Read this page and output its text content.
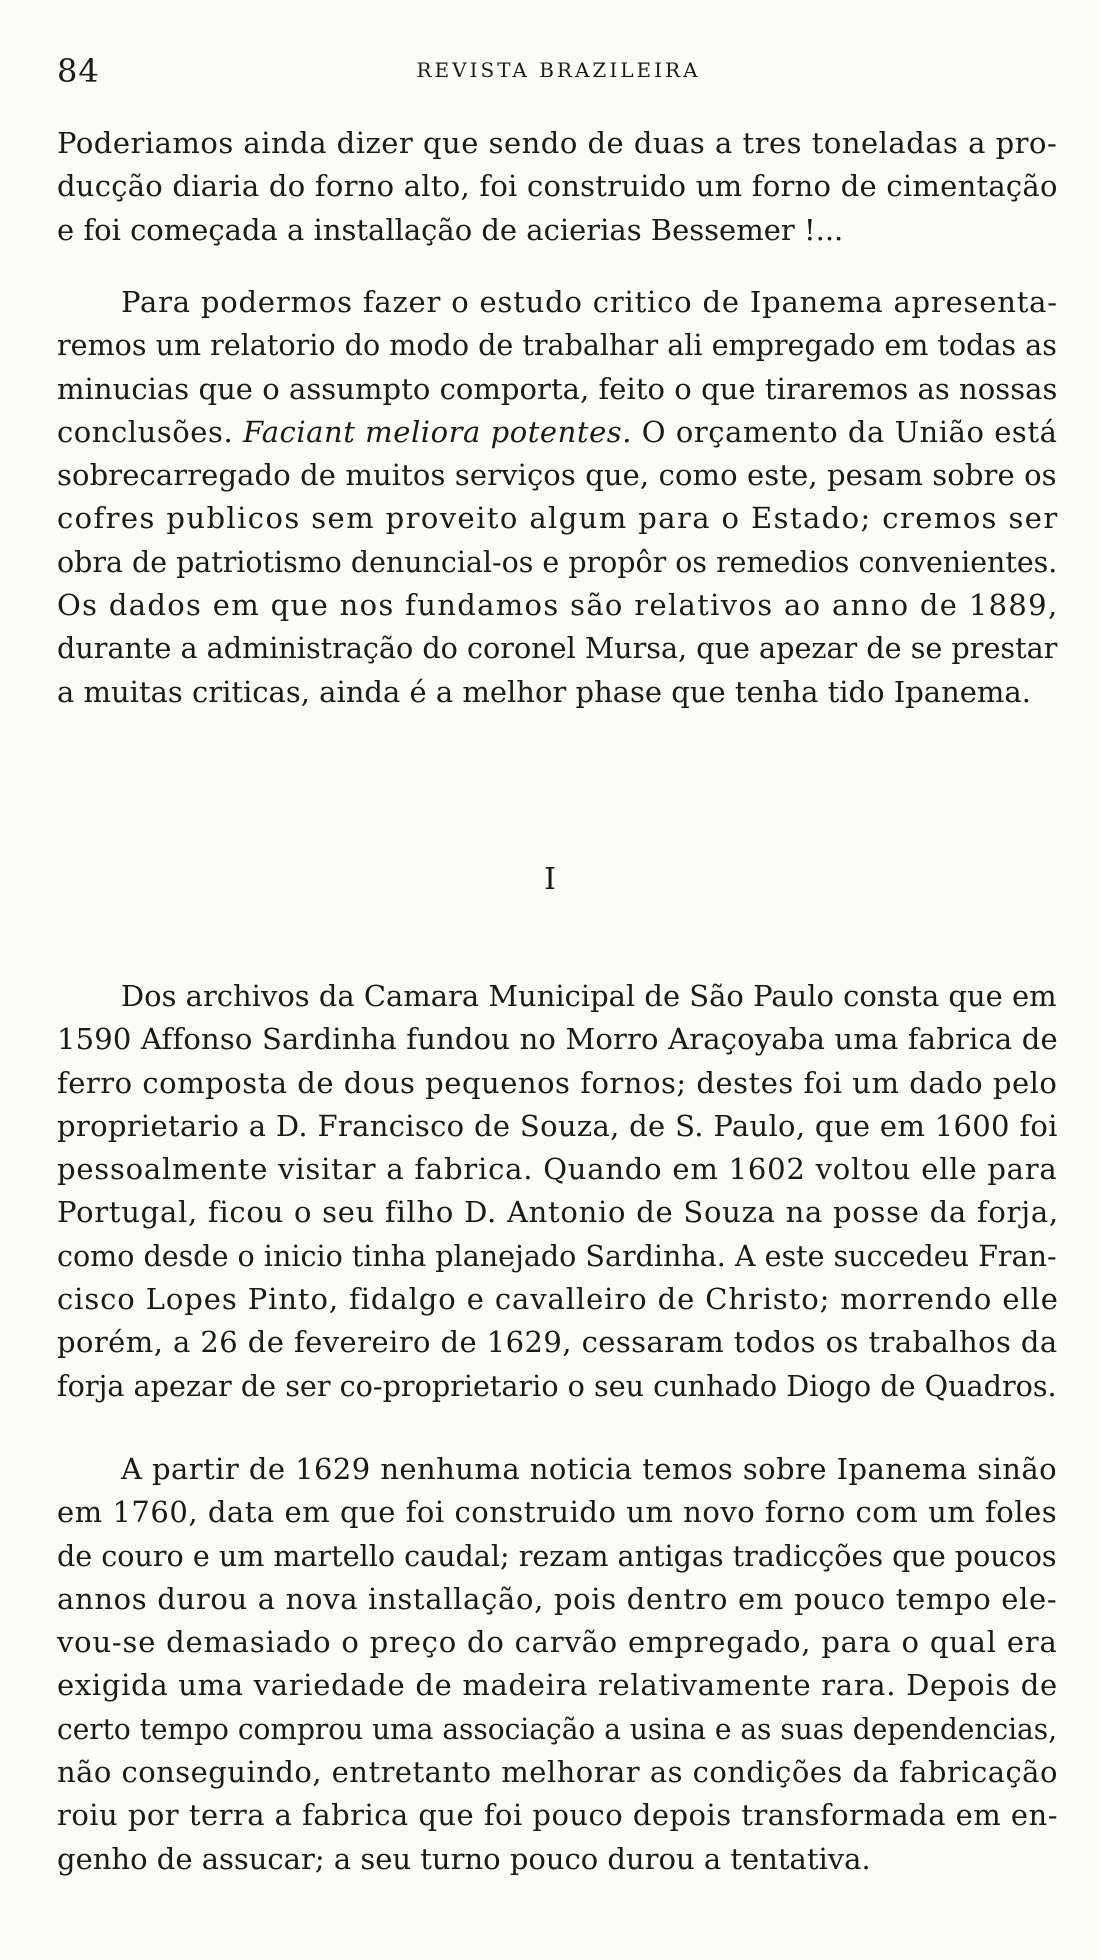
84	REVISTA BRAZILEIRA

Poderiamos ainda dizer que sendo de duas a tres toneladas a pro-
ducção diaria do forno alto, foi construido um forno de cimentação
e foi começada a installação de acierias Bessemer !...

Para podermos fazer o estudo critico de Ipanema apresenta-
remos um relatorio do modo de trabalhar ali empregado em todas as
minucias que o assumpto comporta, feito o que tiraremos as nossas
conclusões. Faciant meliora potentes. O orçamento da União está
sobrecarregado de muitos serviços que, como este, pesam sobre os
cofres publicos sem proveito algum para o Estado; cremos ser
obra de patriotismo denuncial-os e propôr os remedios convenientes.
Os dados em que nos fundamos são relativos ao anno de 1889,
durante a administração do coronel Mursa, que apezar de se prestar
a muitas criticas, ainda é a melhor phase que tenha tido Ipanema.

I

Dos archivos da Camara Municipal de São Paulo consta que em
1590 Affonso Sardinha fundou no Morro Araçoyaba uma fabrica de
ferro composta de dous pequenos fornos; destes foi um dado pelo
proprietario a D. Francisco de Souza, de S. Paulo, que em 1600 foi
pessoalmente visitar a fabrica. Quando em 1602 voltou elle para
Portugal, ficou o seu filho D. Antonio de Souza na posse da forja,
como desde o inicio tinha planejado Sardinha. A este succedeu Fran-
cisco Lopes Pinto, fidalgo e cavalleiro de Christo; morrendo elle
porém, a 26 de fevereiro de 1629, cessaram todos os trabalhos da
forja apezar de ser co-proprietario o seu cunhado Diogo de Quadros.

A partir de 1629 nenhuma noticia temos sobre Ipanema sinão
em 1760, data em que foi construido um novo forno com um foles
de couro e um martello caudal; rezam antigas tradicções que poucos
annos durou a nova installação, pois dentro em pouco tempo ele-
vou-se demasiado o preço do carvão empregado, para o qual era
exigida uma variedade de madeira relativamente rara. Depois de
certo tempo comprou uma associação a usina e as suas dependencias,
não conseguindo, entretanto melhorar as condições da fabricação
roiu por terra a fabrica que foi pouco depois transformada em en-
genho de assucar; a seu turno pouco durou a tentativa.
